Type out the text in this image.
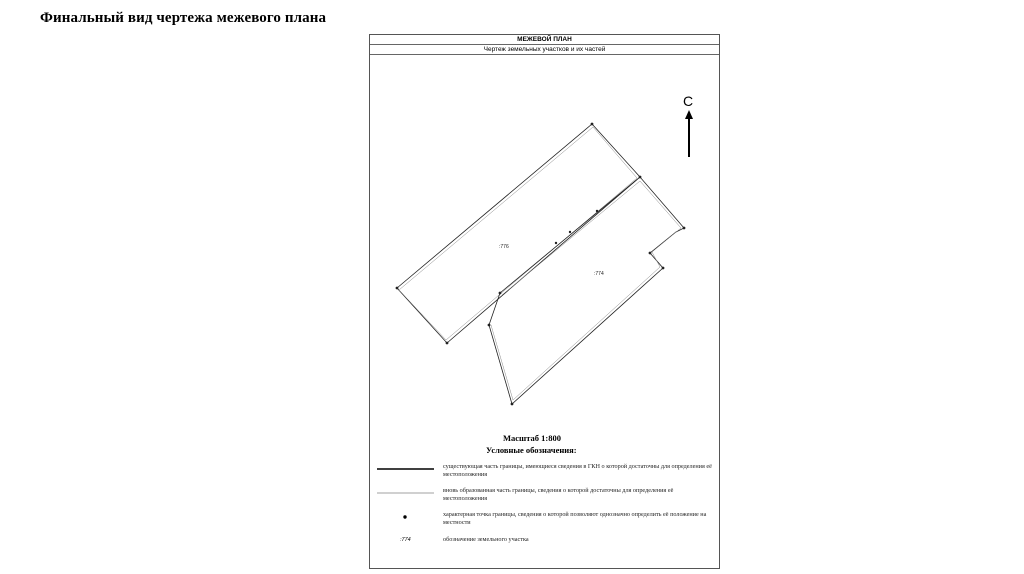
Финальный вид чертежа межевого плана
МЕЖЕВОЙ ПЛАН
Чертеж земельных участков и их частей
:776
:774
С
Масштаб 1:800
Условные обозначения:
существующая часть границы, имеющиеся сведения в ГКН о которой достаточны для определения её местоположения
вновь образованная часть границы, сведения о которой достаточны для определения её местоположения
характерная точка границы, сведения о которой позволяют однозначно определить её положение на местности
:774	обозначение земельного участка
